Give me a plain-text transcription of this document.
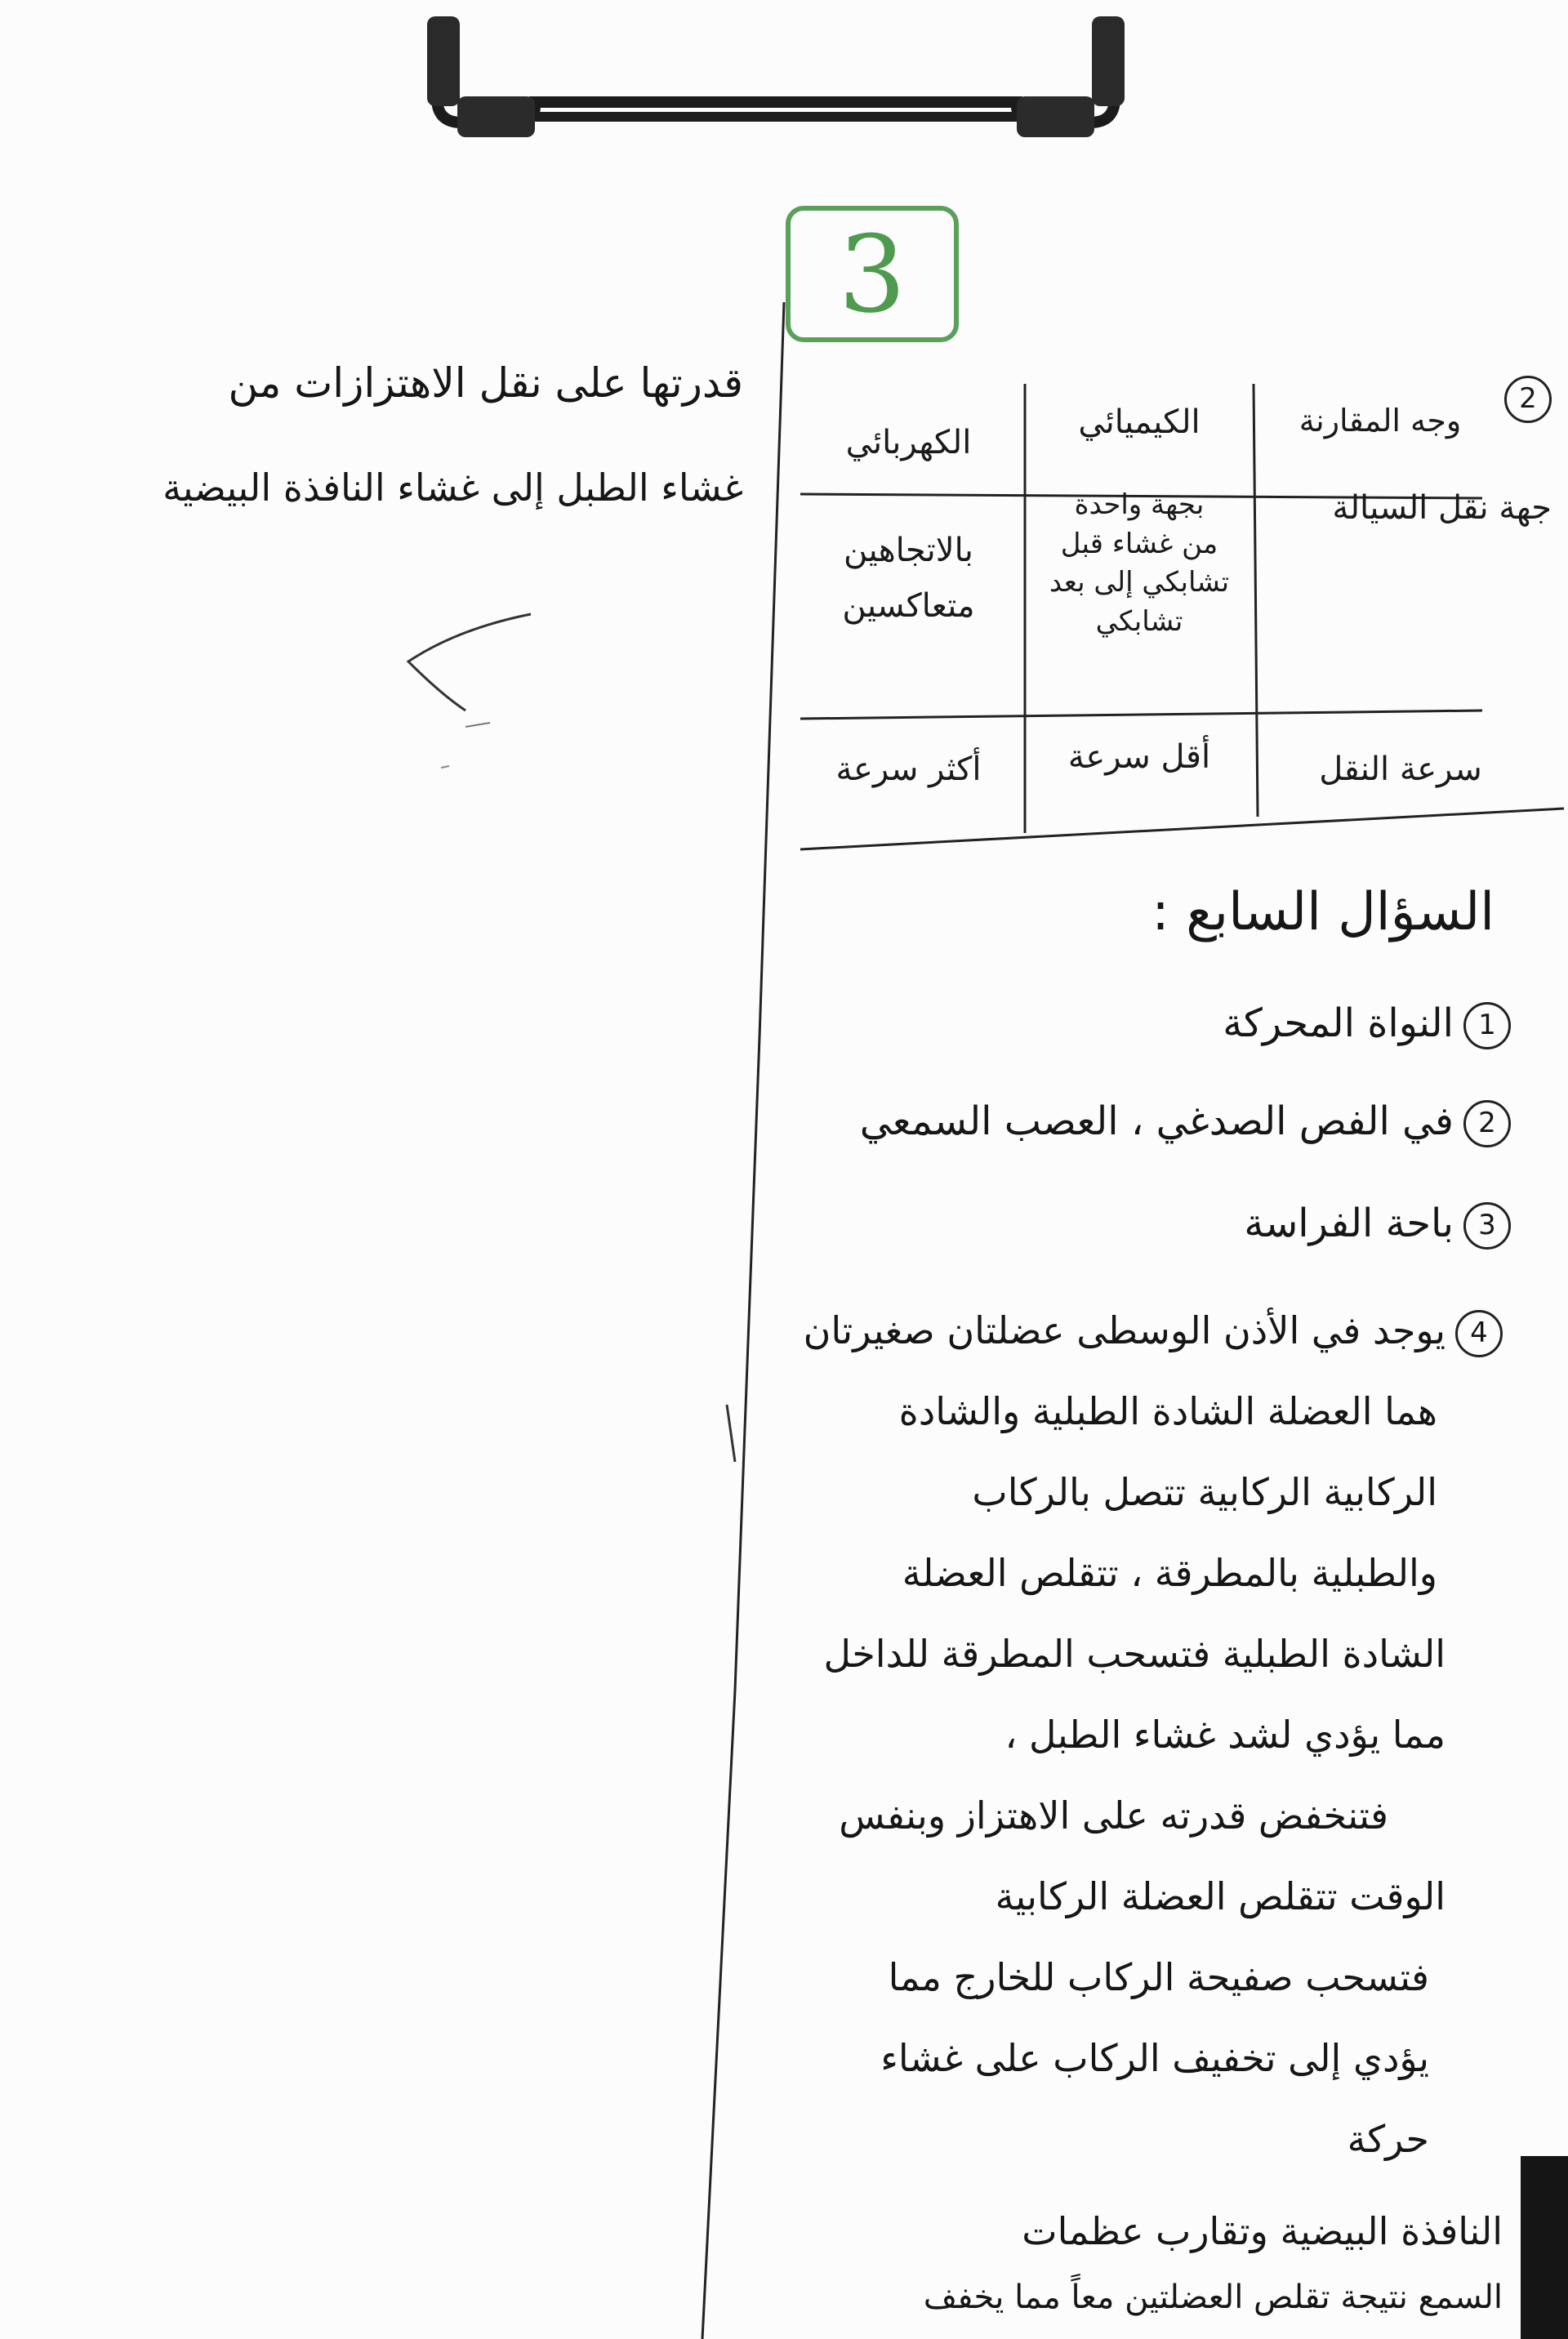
3
قدرتها على نقل الاهتزازات من
غشاء الطبل إلى غشاء النافذة البيضية
2
وجه المقارنة
الكيميائي
الكهربائي
جهة نقل السيالة
بجهة واحدة
من غشاء قبل
تشابكي إلى بعد
تشابكي
بالاتجاهين
متعاكسين
سرعة النقل
أقل سرعة
أكثر سرعة
السؤال السابع :
1النواة المحركة
2في الفص الصدغي ، العصب السمعي
3باحة الفراسة
4يوجد في الأذن الوسطى عضلتان صغيرتان
هما العضلة الشادة الطبلية والشادة
الركابية الركابية تتصل بالركاب
والطبلية بالمطرقة ، تتقلص العضلة
الشادة الطبلية فتسحب المطرقة للداخل
مما يؤدي لشد غشاء الطبل ،
فتنخفض قدرته على الاهتزاز وبنفس
الوقت تتقلص العضلة الركابية
فتسحب صفيحة الركاب للخارج مما
يؤدي إلى تخفيف الركاب على غشاء
حركة
النافذة البيضية وتقارب عظمات
السمع نتيجة تقلص العضلتين معاً مما يخفف
